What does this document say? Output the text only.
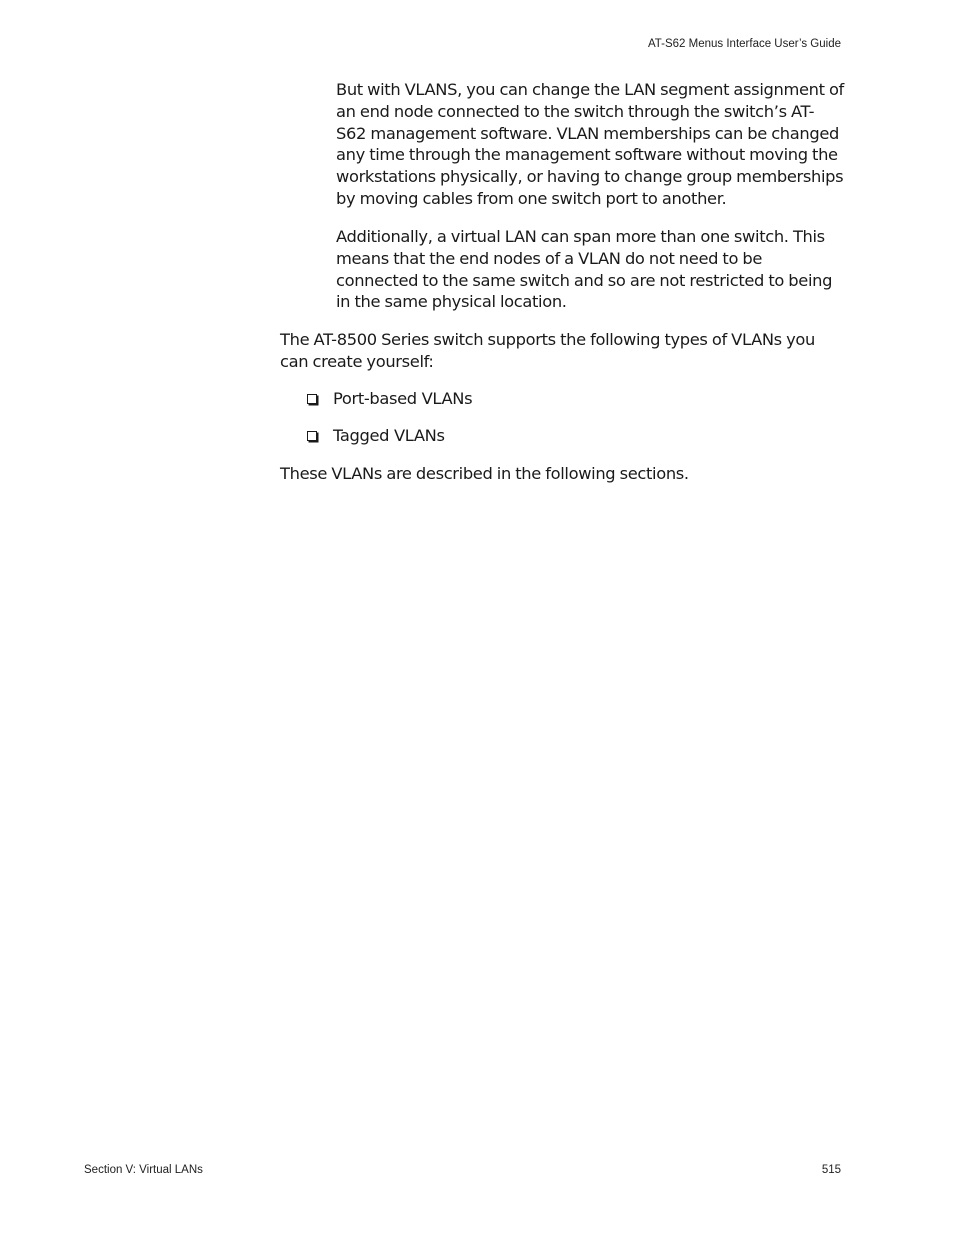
AT-S62 Menus Interface User’s Guide
But with VLANS, you can change the LAN segment assignment of an end node connected to the switch through the switch’s AT-S62 management software. VLAN memberships can be changed any time through the management software without moving the workstations physically, or having to change group memberships by moving cables from one switch port to another.
Additionally, a virtual LAN can span more than one switch. This means that the end nodes of a VLAN do not need to be connected to the same switch and so are not restricted to being in the same physical location.
The AT-8500 Series switch supports the following types of VLANs you can create yourself:
Port-based VLANs
Tagged VLANs
These VLANs are described in the following sections.
Section V: Virtual LANs	515
